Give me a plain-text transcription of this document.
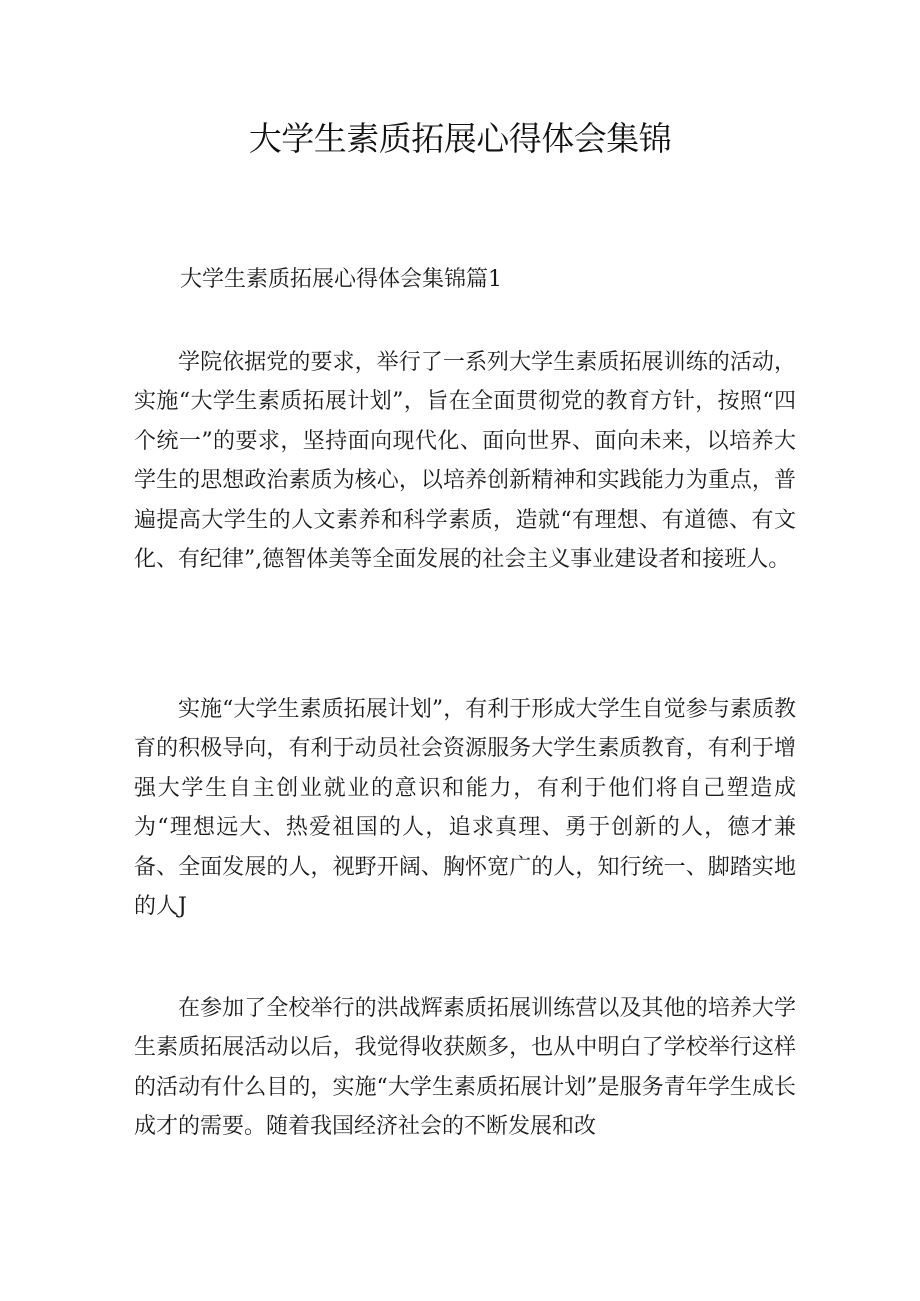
大学生素质拓展心得体会集锦
大学生素质拓展心得体会集锦篇1

学院依据党的要求，举行了一系列大学生素质拓展训练的活动，实施“大学生素质拓展计划”，旨在全面贯彻党的教育方针，按照“四个统一”的要求，坚持面向现代化、面向世界、面向未来，以培养大学生的思想政治素质为核心，以培养创新精神和实践能力为重点，普遍提高大学生的人文素养和科学素质，造就“有理想、有道德、有文化、有纪律”,德智体美等全面发展的社会主义事业建设者和接班人。

实施“大学生素质拓展计划”，有利于形成大学生自觉参与素质教育的积极导向，有利于动员社会资源服务大学生素质教育，有利于增强大学生自主创业就业的意识和能力，有利于他们将自己塑造成为“理想远大、热爱祖国的人，追求真理、勇于创新的人，德才兼备、全面发展的人，视野开阔、胸怀宽广的人，知行统一、脚踏实地的人J

在参加了全校举行的洪战辉素质拓展训练营以及其他的培养大学生素质拓展活动以后，我觉得收获颇多，也从中明白了学校举行这样的活动有什么目的，实施“大学生素质拓展计划”是服务青年学生成长成才的需要。随着我国经济社会的不断发展和改
